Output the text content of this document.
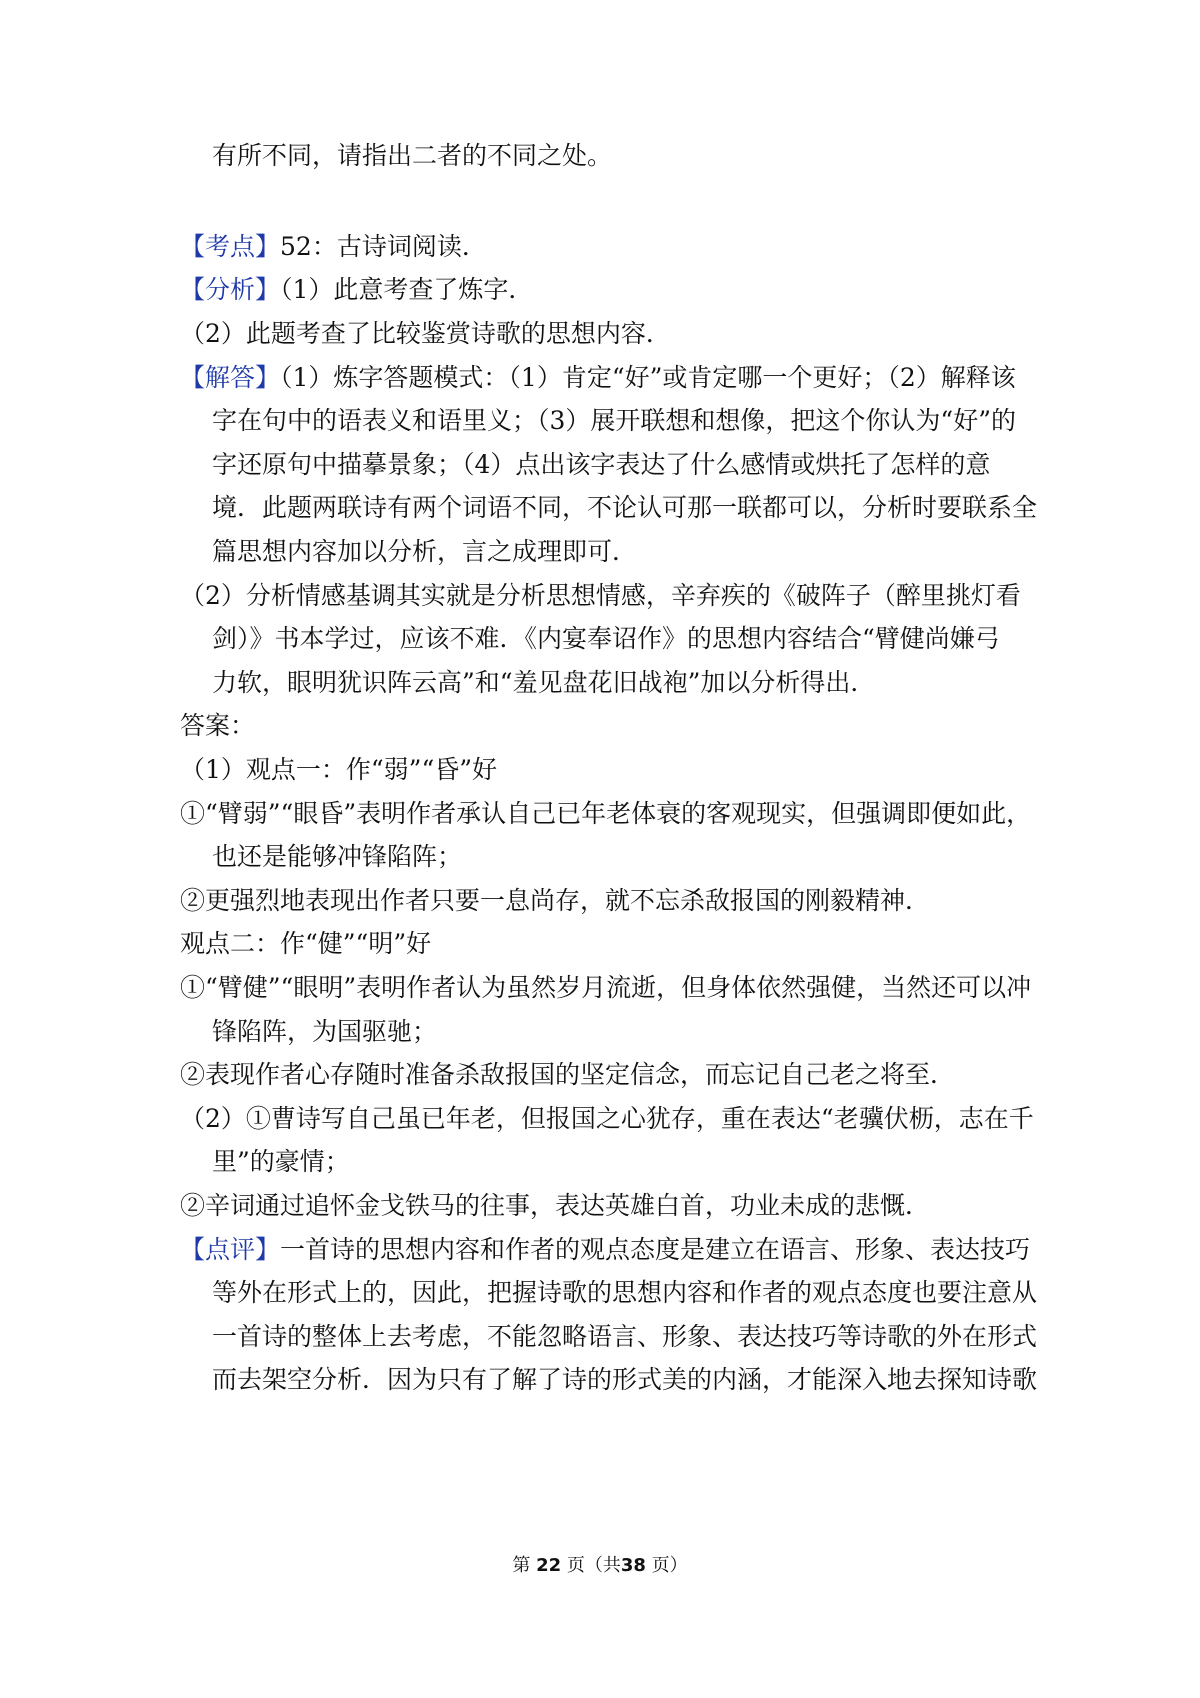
有所不同，请指出二者的不同之处。
【考点】52：古诗词阅读．
【分析】（1）此意考查了炼字．
（2）此题考查了比较鉴赏诗歌的思想内容．
【解答】（1）炼字答题模式：（1）肯定“好”或肯定哪一个更好；（2）解释该
字在句中的语表义和语里义；（3）展开联想和想像，把这个你认为“好”的
字还原句中描摹景象；（4）点出该字表达了什么感情或烘托了怎样的意
境．此题两联诗有两个词语不同，不论认可那一联都可以，分析时要联系全
篇思想内容加以分析，言之成理即可．
（2）分析情感基调其实就是分析思想情感，辛弃疾的《破阵子（醉里挑灯看
剑）》书本学过，应该不难．《内宴奉诏作》的思想内容结合“臂健尚嫌弓
力软，眼明犹识阵云高”和“羞见盘花旧战袍”加以分析得出．
答案：
（1）观点一：作“弱”“昏”好
①“臂弱”“眼昏”表明作者承认自己已年老体衰的客观现实，但强调即便如此，
也还是能够冲锋陷阵；
②更强烈地表现出作者只要一息尚存，就不忘杀敌报国的刚毅精神．
观点二：作“健”“明”好
①“臂健”“眼明”表明作者认为虽然岁月流逝，但身体依然强健，当然还可以冲
锋陷阵，为国驱驰；
②表现作者心存随时准备杀敌报国的坚定信念，而忘记自己老之将至．
（2）①曹诗写自己虽已年老，但报国之心犹存，重在表达“老骥伏枥，志在千
里”的豪情；
②辛词通过追怀金戈铁马的往事，表达英雄白首，功业未成的悲慨．
【点评】一首诗的思想内容和作者的观点态度是建立在语言、形象、表达技巧
等外在形式上的，因此，把握诗歌的思想内容和作者的观点态度也要注意从
一首诗的整体上去考虑，不能忽略语言、形象、表达技巧等诗歌的外在形式
而去架空分析．因为只有了解了诗的形式美的内涵，才能深入地去探知诗歌
第 22 页（共38 页）
